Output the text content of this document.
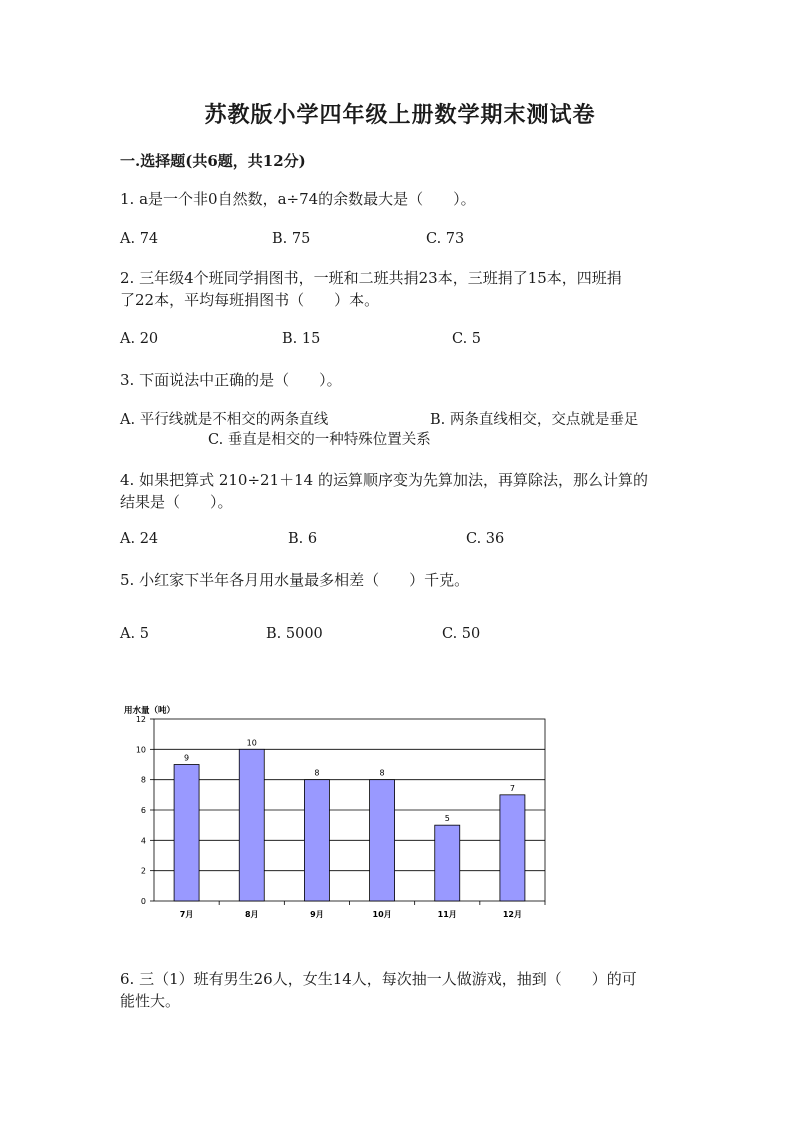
苏教版小学四年级上册数学期末测试卷
一.选择题(共6题，共12分)
1. a是一个非0自然数，a÷74的余数最大是（　　）。
A. 74	B. 75	C. 73
2. 三年级4个班同学捐图书，一班和二班共捐23本，三班捐了15本，四班捐
了22本，平均每班捐图书（　　）本。
A. 20	B. 15	C. 5
3. 下面说法中正确的是（　　）。
A. 平行线就是不相交的两条直线	B. 两条直线相交，交点就是垂足
C. 垂直是相交的一种特殊位置关系
4. 如果把算式 210÷21＋14 的运算顺序变为先算加法，再算除法，那么计算的
结果是（　　）。
A. 24	B. 6	C. 36
5. 小红家下半年各月用水量最多相差（　　）千克。
A. 5	B. 5000	C. 50
用水量（吨）
0
2
4
6
8
10
12
9
7月
10
8月
8
9月
8
10月
5
11月
7
12月
6. 三（1）班有男生26人，女生14人，每次抽一人做游戏，抽到（　　）的可
能性大。
